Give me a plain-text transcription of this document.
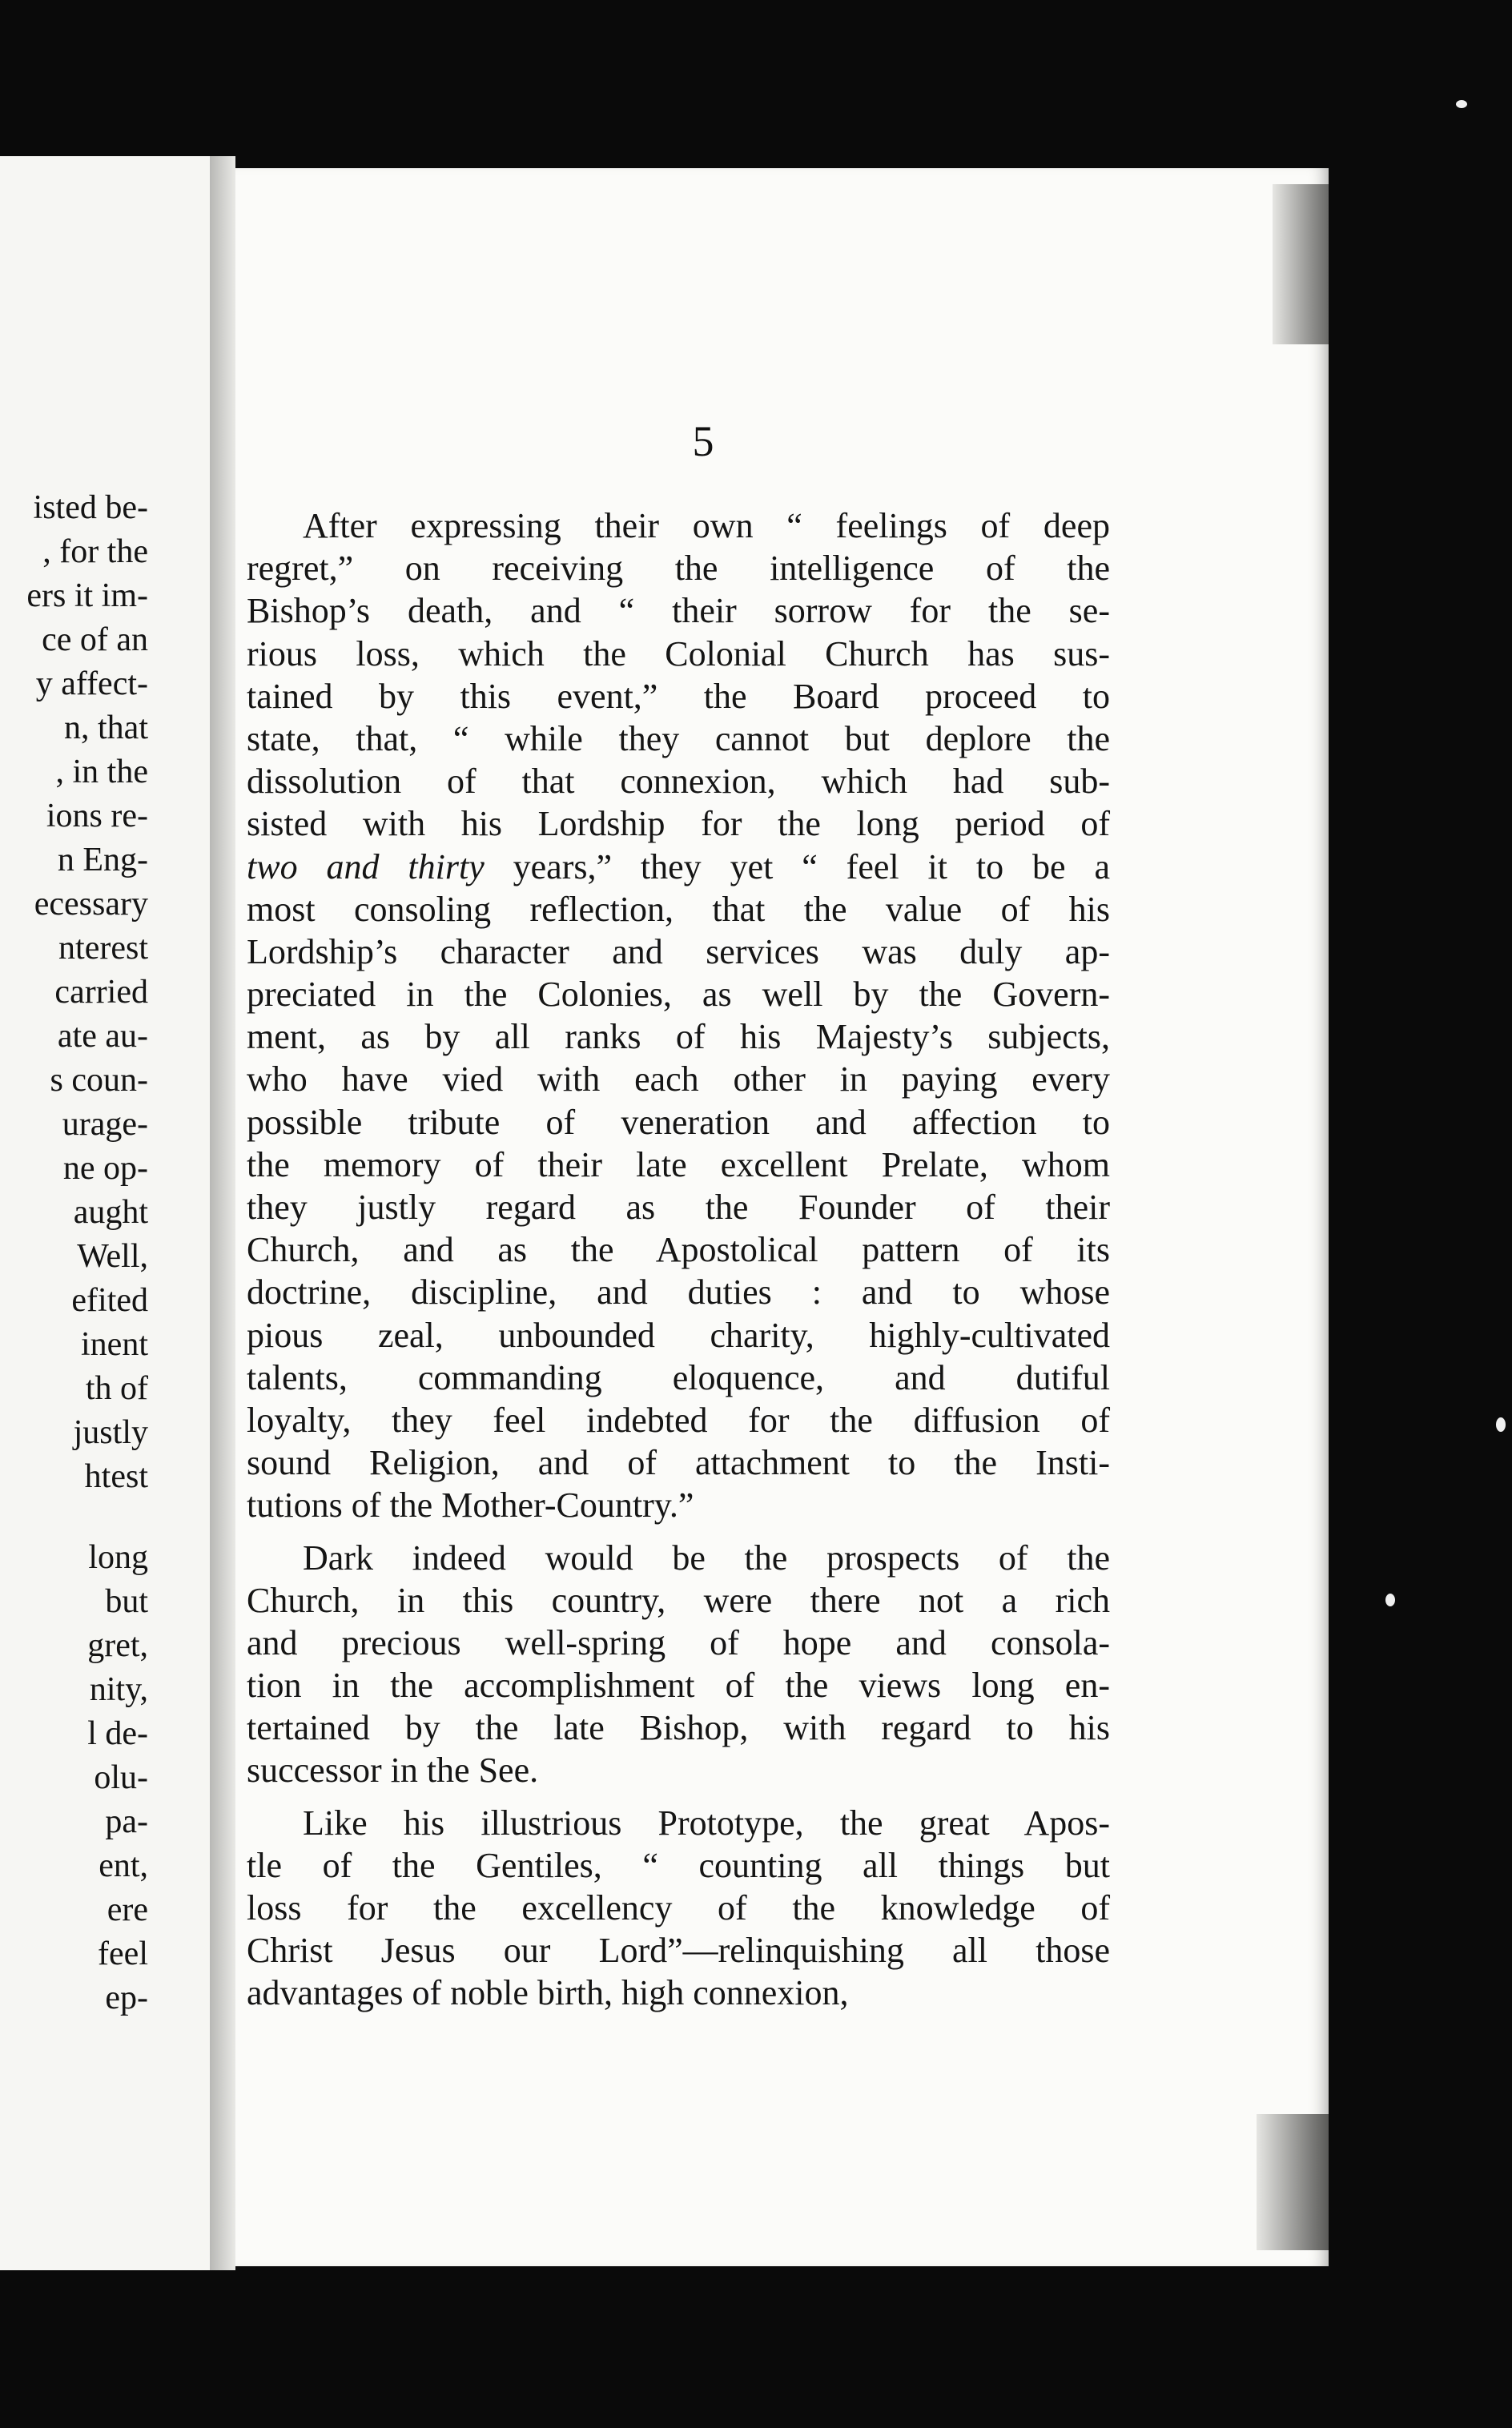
isted be-
, for the
ers it im-
ce of an
y affect-
n, that
, in the
ions re-
n Eng-
ecessary
nterest
carried
ate au-
s coun-
urage-
ne op-
aught
Well,
efited
inent
th of
justly
htest
long
but
gret,
nity,
l de-
olu-
pa-
ent,
ere
feel
ep-
5
After expressing their own “ feelings of deep
regret,” on receiving the intelligence of the
Bishop’s death, and “ their sorrow for the se-
rious loss, which the Colonial Church has sus-
tained by this event,” the Board proceed to
state, that, “ while they cannot but deplore the
dissolution of that connexion, which had sub-
sisted with his Lordship for the long period of
two and thirty years,” they yet “ feel it to be a
most consoling reflection, that the value of his
Lordship’s character and services was duly ap-
preciated in the Colonies, as well by the Govern-
ment, as by all ranks of his Majesty’s subjects,
who have vied with each other in paying every
possible tribute of veneration and affection to
the memory of their late excellent Prelate, whom
they justly regard as the Founder of their
Church, and as the Apostolical pattern of its
doctrine, discipline, and duties : and to whose
pious zeal, unbounded charity, highly-cultivated
talents, commanding eloquence, and dutiful
loyalty, they feel indebted for the diffusion of
sound Religion, and of attachment to the Insti-
tutions of the Mother-Country.”
Dark indeed would be the prospects of the
Church, in this country, were there not a rich
and precious well-spring of hope and consola-
tion in the accomplishment of the views long en-
tertained by the late Bishop, with regard to his
successor in the See.
Like his illustrious Prototype, the great Apos-
tle of the Gentiles, “ counting all things but
loss for the excellency of the knowledge of
Christ Jesus our Lord”—relinquishing all those
advantages of noble birth, high connexion,
